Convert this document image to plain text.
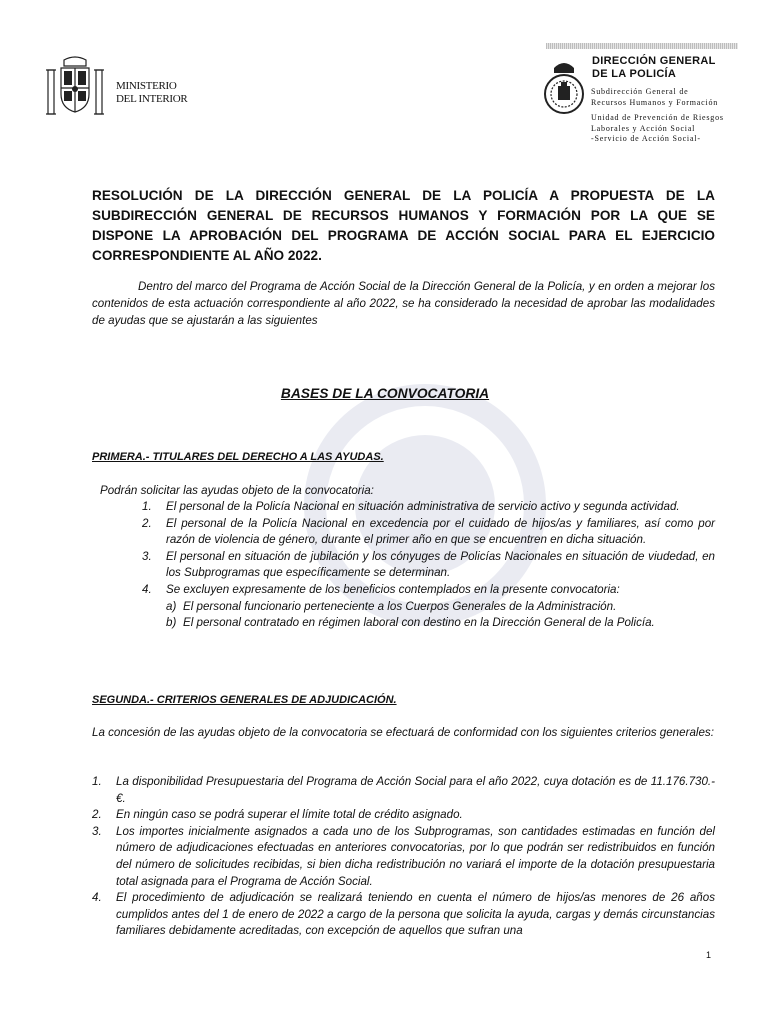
MINISTERIO
DEL INTERIOR
DIRECCIÓN GENERAL
DE LA POLICÍA
Subdirección General de
Recursos Humanos y Formación
Unidad de Prevención de Riesgos
Laborales y Acción Social
-Servicio de Acción Social-
RESOLUCIÓN DE LA DIRECCIÓN GENERAL DE LA POLICÍA A PROPUESTA DE LA SUBDIRECCIÓN GENERAL DE RECURSOS HUMANOS Y FORMACIÓN POR LA QUE SE DISPONE LA APROBACIÓN DEL PROGRAMA DE ACCIÓN SOCIAL PARA EL EJERCICIO CORRESPONDIENTE AL AÑO 2022.
Dentro del marco del Programa de Acción Social de la Dirección General de la Policía, y en orden a mejorar los contenidos de esta actuación correspondiente al año 2022, se ha considerado la necesidad de aprobar las modalidades de ayudas que se ajustarán a las siguientes
BASES DE LA CONVOCATORIA
PRIMERA.- TITULARES DEL DERECHO A LAS AYUDAS.
Podrán solicitar las ayudas objeto de la convocatoria:
1.	El personal de la Policía Nacional en situación administrativa de servicio activo y segunda actividad.
2.	El personal de la Policía Nacional en excedencia por el cuidado de hijos/as y familiares, así como por razón de violencia de género, durante el primer año en que se encuentren en dicha situación.
3.	El personal en situación de jubilación y los cónyuges de Policías Nacionales en situación de viudedad, en los Subprogramas que específicamente se determinan.
4.	Se excluyen expresamente de los beneficios contemplados en la presente convocatoria:
a) El personal funcionario perteneciente a los Cuerpos Generales de la Administración.
b) El personal contratado en régimen laboral con destino en la Dirección General de la Policía.
SEGUNDA.- CRITERIOS GENERALES DE ADJUDICACIÓN.
La concesión de las ayudas objeto de la convocatoria se efectuará de conformidad con los siguientes criterios generales:
1.	La disponibilidad Presupuestaria del Programa de Acción Social para el año 2022, cuya dotación es de 11.176.730.- €.
2.	En ningún caso se podrá superar el límite total de crédito asignado.
3.	Los importes inicialmente asignados a cada uno de los Subprogramas, son cantidades estimadas en función del número de adjudicaciones efectuadas en anteriores convocatorias, por lo que podrán ser redistribuidos en función del número de solicitudes recibidas, si bien dicha redistribución no variará el importe de la dotación presupuestaria total asignada para el Programa de Acción Social.
4.	El procedimiento de adjudicación se realizará teniendo en cuenta el número de hijos/as menores de 26 años cumplidos antes del 1 de enero de 2022 a cargo de la persona que solicita la ayuda, cargas y demás circunstancias familiares debidamente acreditadas, con excepción de aquellos que sufran una
1
